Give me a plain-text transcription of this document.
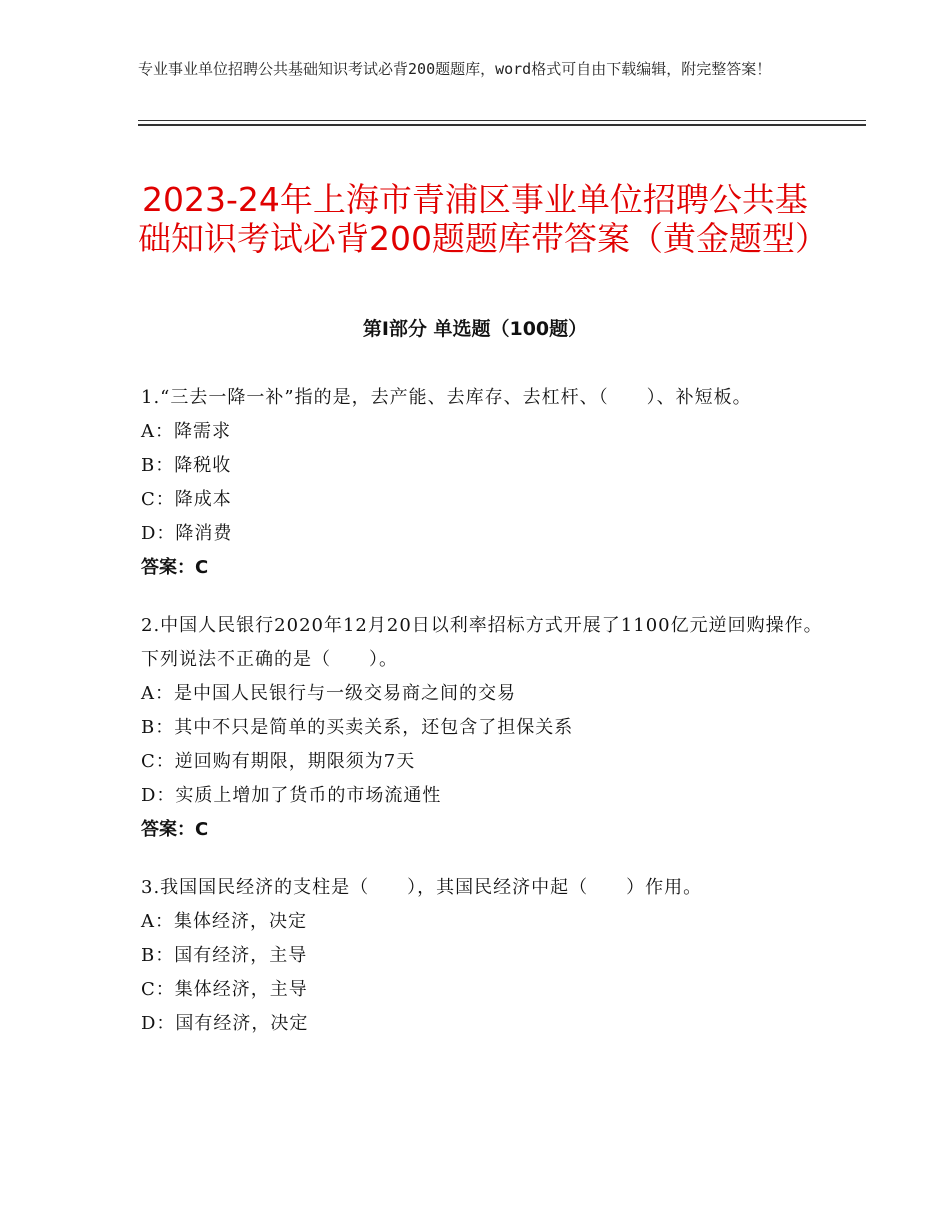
专业事业单位招聘公共基础知识考试必背200题题库，word格式可自由下载编辑，附完整答案！
2023-24年上海市青浦区事业单位招聘公共基础知识考试必背200题题库带答案（黄金题型）
第Ⅰ部分 单选题（100题）
1.“三去一降一补”指的是，去产能、去库存、去杠杆、（　　）、补短板。
A：降需求
B：降税收
C：降成本
D：降消费
答案：C
2.中国人民银行2020年12月20日以利率招标方式开展了1100亿元逆回购操作。下列说法不正确的是（　　）。
A：是中国人民银行与一级交易商之间的交易
B：其中不只是简单的买卖关系，还包含了担保关系
C：逆回购有期限，期限须为7天
D：实质上增加了货币的市场流通性
答案：C
3.我国国民经济的支柱是（　　），其国民经济中起（　　）作用。
A：集体经济，决定
B：国有经济，主导
C：集体经济，主导
D：国有经济，决定
